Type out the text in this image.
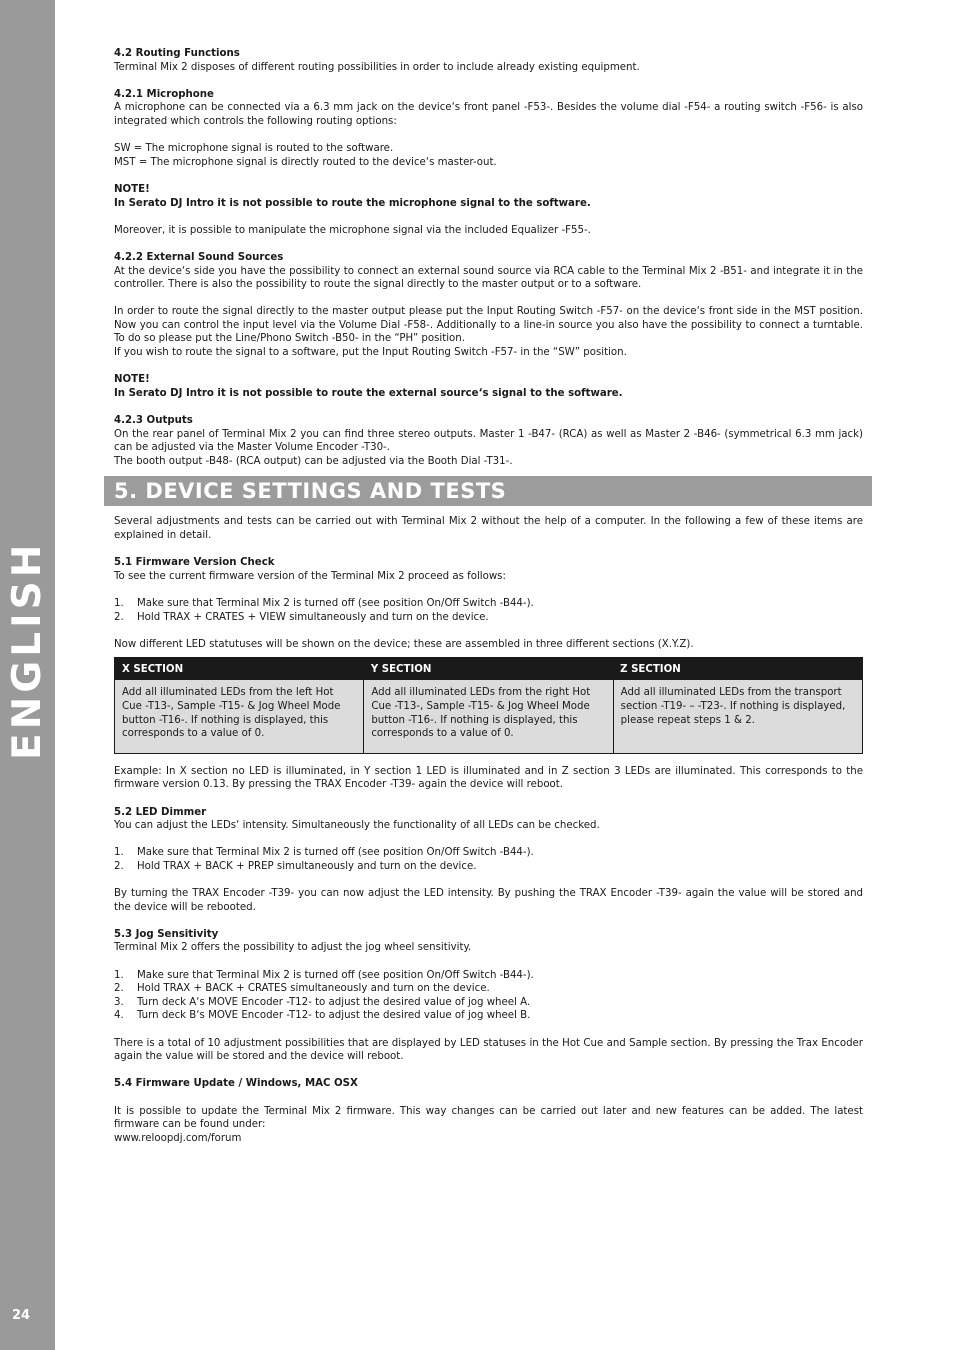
ENGLISH
24

4.2 Routing Functions

Terminal Mix 2 disposes of different routing possibilities in order to include already existing equipment.

4.2.1 Microphone

A microphone can be connected via a 6.3 mm jack on the device‘s front panel -F53-. Besides the volume dial -F54- a routing switch -F56- is also integrated which controls the following routing options:

SW = The microphone signal is routed to the software.

MST = The microphone signal is directly routed to the device‘s master-out.

NOTE!

In Serato DJ Intro it is not possible to route the microphone signal to the software.

Moreover, it is possible to manipulate the microphone signal via the included Equalizer -F55-.

4.2.2 External Sound Sources

At the device‘s side you have the possibility to connect an external sound source via RCA cable to the Terminal Mix 2 -B51- and integrate it in the controller. There is also the possibility to route the signal directly to the master output or to a software.

In order to route the signal directly to the master output please put the Input Routing Switch -F57- on the device‘s front side in the MST position. Now you can control the input level via the Volume Dial -F58-. Additionally to a line-in source you also have the possibility to connect a turntable. To do so please put the Line/Phono Switch -B50- in the “PH” position.

If you wish to route the signal to a software, put the Input Routing Switch -F57- in the “SW” position.

NOTE!

In Serato DJ Intro it is not possible to route the external source‘s signal to the software.

4.2.3 Outputs

On the rear panel of Terminal Mix 2 you can find three stereo outputs. Master 1 -B47- (RCA) as well as Master 2 -B46- (symmetrical 6.3 mm jack) can be adjusted via the Master Volume Encoder -T30-.

The booth output -B48- (RCA output) can be adjusted via the Booth Dial -T31-.

5. DEVICE SETTINGS AND TESTS

Several adjustments and tests can be carried out with Terminal Mix 2 without the help of a computer. In the following a few of these items are explained in detail.

5.1 Firmware Version Check

To see the current firmware version of the Terminal Mix 2 proceed as follows:

1. Make sure that Terminal Mix 2 is turned off (see position On/Off Switch -B44-).
2. Hold TRAX + CRATES + VIEW simultaneously and turn on the device.

Now different LED statutuses will be shown on the device; these are assembled in three different sections (X.Y.Z).

X SECTION	Y SECTION	Z SECTION
Add all illuminated LEDs from the left Hot Cue -T13-, Sample -T15- & Jog Wheel Mode button -T16-. If nothing is displayed, this corresponds to a value of 0.	Add all illuminated LEDs from the right Hot Cue -T13-, Sample -T15- & Jog Wheel Mode button -T16-. If nothing is displayed, this corresponds to a value of 0.	Add all illuminated LEDs from the transport section -T19- – -T23-. If nothing is displayed, please repeat steps 1 & 2.

Example: In X section no LED is illuminated, in Y section 1 LED is illuminated and in Z section 3 LEDs are illuminated. This corresponds to the firmware version 0.13. By pressing the TRAX Encoder -T39- again the device will reboot.

5.2 LED Dimmer

You can adjust the LEDs‘ intensity. Simultaneously the functionality of all LEDs can be checked.

1. Make sure that Terminal Mix 2 is turned off (see position On/Off Switch -B44-).
2. Hold TRAX + BACK + PREP simultaneously and turn on the device.

By turning the TRAX Encoder -T39- you can now adjust the LED intensity. By pushing the TRAX Encoder -T39- again the value will be stored and the device will be rebooted.

5.3 Jog Sensitivity

Terminal Mix 2 offers the possibility to adjust the jog wheel sensitivity.

1. Make sure that Terminal Mix 2 is turned off (see position On/Off Switch -B44-).
2. Hold TRAX + BACK + CRATES simultaneously and turn on the device.
3. Turn deck A‘s MOVE Encoder -T12- to adjust the desired value of jog wheel A.
4. Turn deck B‘s MOVE Encoder -T12- to adjust the desired value of jog wheel B.

There is a total of 10 adjustment possibilities that are displayed by LED statuses in the Hot Cue and Sample section. By pressing the Trax Encoder again the value will be stored and the device will reboot.

5.4 Firmware Update / Windows, MAC OSX

It is possible to update the Terminal Mix 2 firmware. This way changes can be carried out later and new features can be added. The latest firmware can be found under:

www.reloopdj.com/forum
